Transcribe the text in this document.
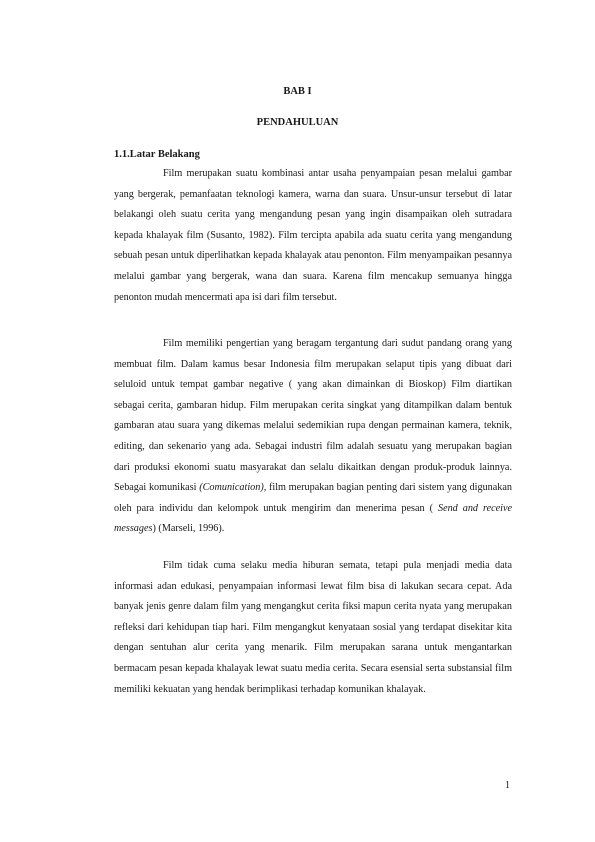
BAB I
PENDAHULUAN
1.1.Latar Belakang

Film merupakan suatu kombinasi antar usaha penyampaian pesan melalui gambar yang bergerak, pemanfaatan teknologi kamera, warna dan suara. Unsur-unsur tersebut di latar belakangi oleh suatu cerita yang mengandung pesan yang ingin disampaikan oleh sutradara kepada khalayak film (Susanto, 1982). Film tercipta apabila ada suatu cerita yang mengandung sebuah pesan untuk diperlihatkan kepada khalayak atau penonton. Film menyampaikan pesannya melalui gambar yang bergerak, wana dan suara. Karena film mencakup semuanya hingga penonton mudah mencermati apa isi dari film tersebut.

Film memiliki pengertian yang beragam tergantung dari sudut pandang orang yang membuat film. Dalam kamus besar Indonesia film merupakan selaput tipis yang dibuat dari seluloid untuk tempat gambar negative ( yang akan dimainkan di Bioskop) Film diartikan sebagai cerita, gambaran hidup. Film merupakan cerita singkat yang ditampilkan dalam bentuk gambaran atau suara yang dikemas melalui sedemikian rupa dengan permainan kamera, teknik, editing, dan sekenario yang ada. Sebagai industri film adalah sesuatu yang merupakan bagian dari produksi ekonomi suatu masyarakat dan selalu dikaitkan dengan produk-produk lainnya. Sebagai komunikasi (Comunication), film merupakan bagian penting dari sistem yang digunakan oleh para individu dan kelompok untuk mengirim dan menerima pesan ( Send and receive messages) (Marseli, 1996).

Film tidak cuma selaku media hiburan semata, tetapi pula menjadi media data informasi adan edukasi, penyampaian informasi lewat film bisa di lakukan secara cepat. Ada banyak jenis genre dalam film yang mengangkut cerita fiksi mapun cerita nyata yang merupakan refleksi dari kehidupan tiap hari. Film mengangkut kenyataan sosial yang terdapat disekitar kita dengan sentuhan alur cerita yang menarik. Film merupakan sarana untuk mengantarkan bermacam pesan kepada khalayak lewat suatu media cerita. Secara esensial serta substansial film memiliki kekuatan yang hendak berimplikasi terhadap komunikan khalayak.

1
